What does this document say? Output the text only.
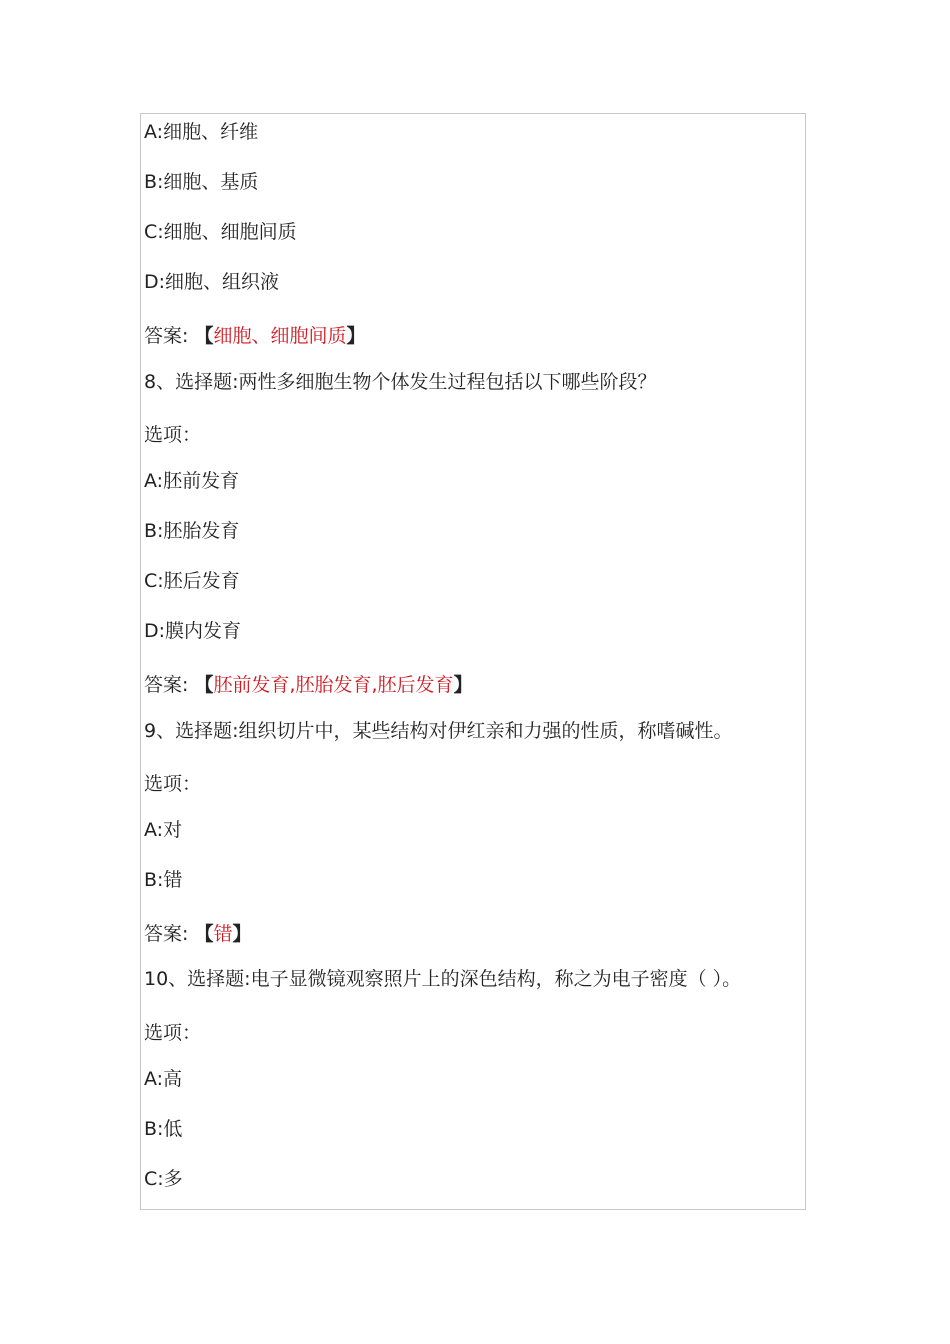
A:细胞、纤维
B:细胞、基质
C:细胞、细胞间质
D:细胞、组织液
答案: 【细胞、细胞间质】
8、选择题:两性多细胞生物个体发生过程包括以下哪些阶段？
选项：
A:胚前发育
B:胚胎发育
C:胚后发育
D:膜内发育
答案: 【胚前发育,胚胎发育,胚后发育】
9、选择题:组织切片中，某些结构对伊红亲和力强的性质，称嗜碱性。
选项：
A:对
B:错
答案: 【错】
10、选择题:电子显微镜观察照片上的深色结构，称之为电子密度（ ）。
选项：
A:高
B:低
C:多
